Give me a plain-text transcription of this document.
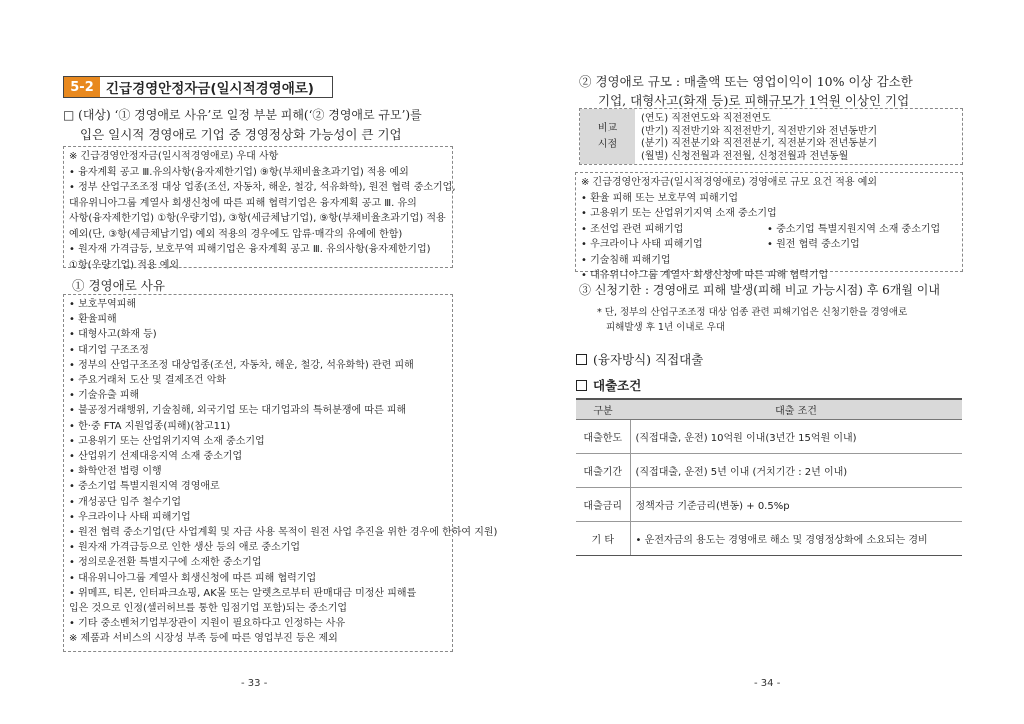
5-2 긴급경영안정자금(일시적경영애로)
□ (대상) ‘① 경영애로 사유’로 일정 부분 피해(‘② 경영애로 규모’)를
입은 일시적 경영애로 기업 중 경영정상화 가능성이 큰 기업
※ 긴급경영안정자금(일시적경영애로) 우대 사항
• 융자계획 공고 Ⅲ.유의사항(융자제한기업) ⑨항(부채비율초과기업) 적용 예외
• 정부 산업구조조정 대상 업종(조선, 자동차, 해운, 철강, 석유화학), 원전 협력 중소기업,
대유위니아그룹 계열사 회생신청에 따른 피해 협력기업은 융자계획 공고 Ⅲ. 유의
사항(융자제한기업) ①항(우량기업), ③항(세금체납기업), ⑨항(부채비율초과기업) 적용
예외(단, ③항(세금체납기업) 예외 적용의 경우에도 압류·매각의 유예에 한함)
• 원자재 가격급등, 보호무역 피해기업은 융자계획 공고 Ⅲ. 유의사항(융자제한기업)
①항(우량기업) 적용 예외
① 경영애로 사유
• 보호무역피해
• 환율피해
• 대형사고(화재 등)
• 대기업 구조조정
• 정부의 산업구조조정 대상업종(조선, 자동차, 해운, 철강, 석유화학) 관련 피해
• 주요거래처 도산 및 결제조건 악화
• 기술유출 피해
• 불공정거래행위, 기술침해, 외국기업 또는 대기업과의 특허분쟁에 따른 피해
• 한·중 FTA 지원업종(피해)(참고11)
• 고용위기 또는 산업위기지역 소재 중소기업
• 산업위기 선제대응지역 소재 중소기업
• 화학안전 법령 이행
• 중소기업 특별지원지역 경영애로
• 개성공단 입주 철수기업
• 우크라이나 사태 피해기업
• 원전 협력 중소기업(단 사업계획 및 자금 사용 목적이 원전 사업 추진을 위한 경우에 한하여 지원)
• 원자재 가격급등으로 인한 생산 등의 애로 중소기업
• 정의로운전환 특별지구에 소재한 중소기업
• 대유위니아그룹 계열사 회생신청에 따른 피해 협력기업
• 위메프, 티몬, 인터파크쇼핑, AK몰 또는 알렛츠로부터 판매대금 미정산 피해를
입은 것으로 인정(셀러허브를 통한 입점기업 포함)되는 중소기업
• 기타 중소벤처기업부장관이 지원이 필요하다고 인정하는 사유
※ 제품과 서비스의 시장성 부족 등에 따른 영업부진 등은 제외
- 33 -
② 경영애로 규모 : 매출액 또는 영업이익이 10% 이상 감소한
기업, 대형사고(화재 등)로 피해규모가 1억원 이상인 기업
비교
시점
(연도) 직전연도와 직전전연도
(반기) 직전반기와 직전전반기, 직전반기와 전년동반기
(분기) 직전분기와 직전전분기, 직전분기와 전년동분기
(월별) 신청전월과 전전월, 신청전월과 전년동월
※ 긴급경영안정자금(일시적경영애로) 경영애로 규모 요건 적용 예외
• 환율 피해 또는 보호무역 피해기업
• 고용위기 또는 산업위기지역 소재 중소기업
• 조선업 관련 피해기업	• 중소기업 특별지원지역 소재 중소기업
• 우크라이나 사태 피해기업	• 원전 협력 중소기업
• 기술침해 피해기업
• 대유위니아그룹 계열사 회생신청에 따른 피해 협력기업
③ 신청기한 : 경영애로 피해 발생(피해 비교 가능시점) 후 6개월 이내
* 단, 정부의 산업구조조정 대상 업종 관련 피해기업은 신청기한을 경영애로
피해발생 후 1년 이내로 우대
(융자방식) 직접대출
대출조건
구분	대출 조건
대출한도	(직접대출, 운전) 10억원 이내(3년간 15억원 이내)
대출기간	(직접대출, 운전) 5년 이내 (거치기간 : 2년 이내)
대출금리	정책자금 기준금리(변동) + 0.5%p
기 타	• 운전자금의 용도는 경영애로 해소 및 경영정상화에 소요되는 경비
- 34 -
